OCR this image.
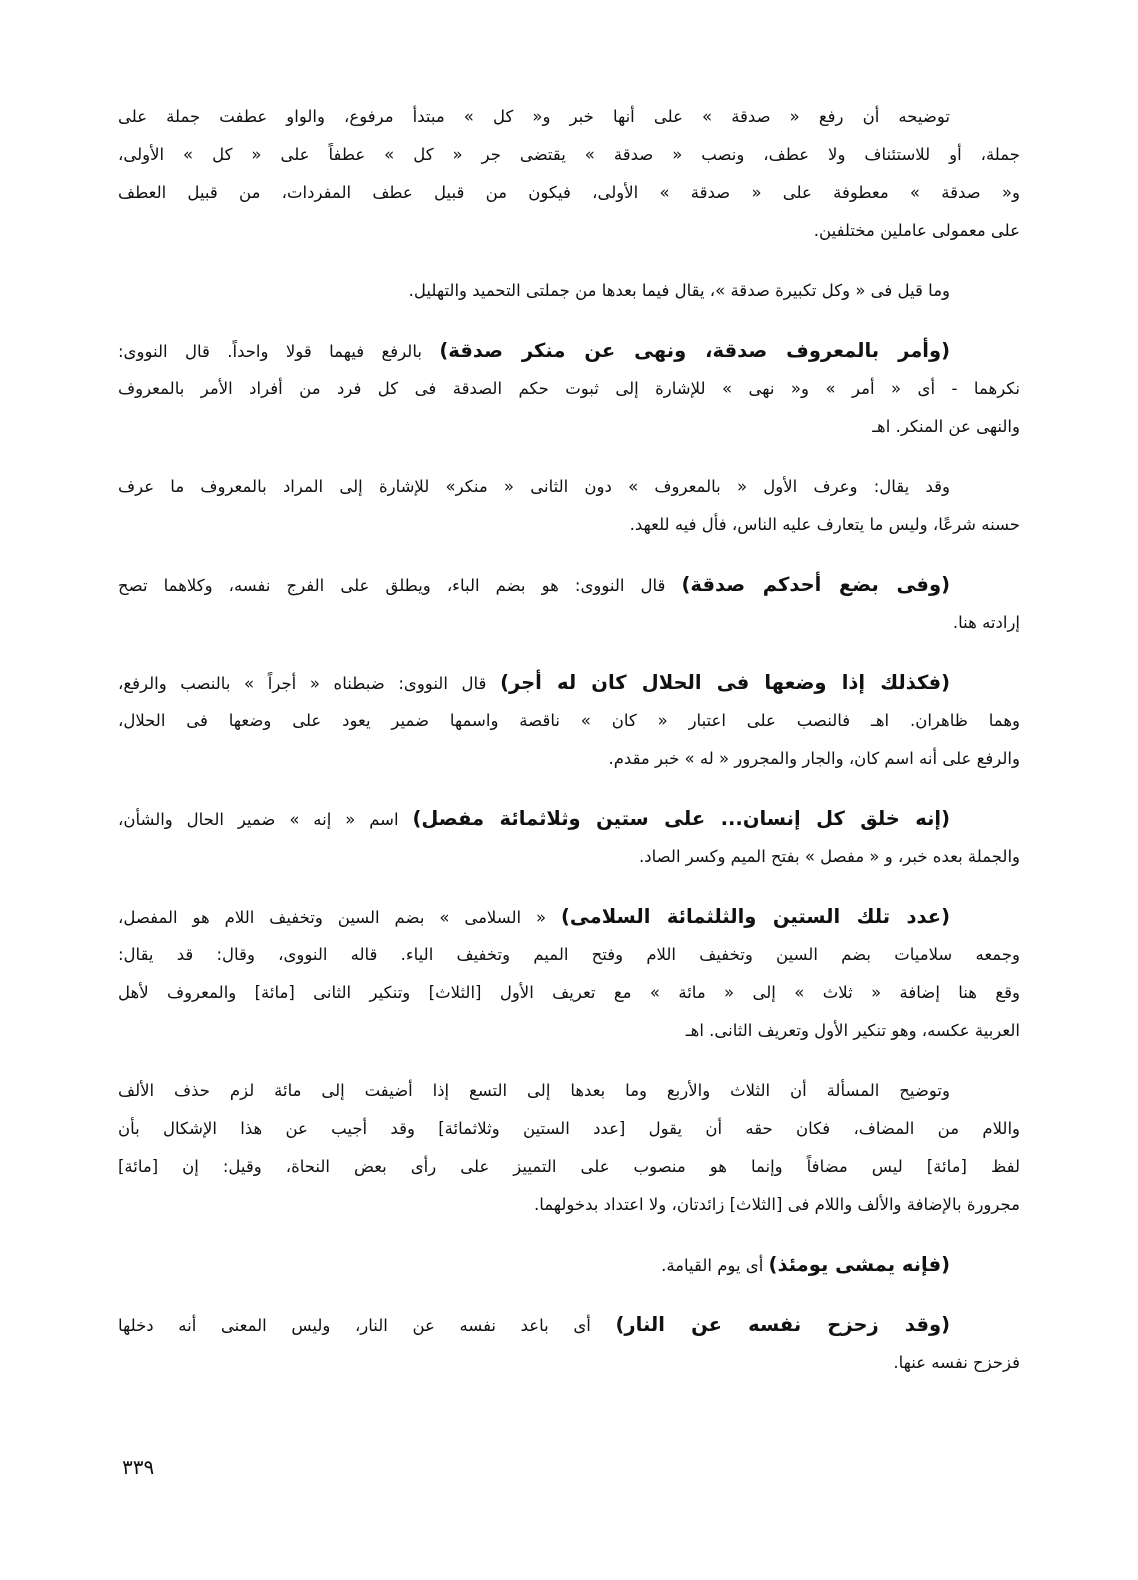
توضيحه أن رفع « صدقة » على أنها خبر و« كل » مبتدأ مرفوع، والواو عطفت جملة على
جملة، أو للاستئناف ولا عطف، ونصب « صدقة » يقتضى جر « كل » عطفاً على « كل » الأولى،
و« صدقة » معطوفة على « صدقة » الأولى، فيكون من قبيل عطف المفردات، من قبيل العطف
على معمولى عاملين مختلفين.
وما قيل فى « وكل تكبيرة صدقة »، يقال فيما بعدها من جملتى التحميد والتهليل.
(وأمر بالمعروف صدقة، ونهى عن منكر صدقة) بالرفع فيهما قولا واحداً. قال النووى:
نكرهما - أى « أمر » و« نهى » للإشارة إلى ثبوت حكم الصدقة فى كل فرد من أفراد الأمر بالمعروف
والنهى عن المنكر. اهـ
وقد يقال: وعرف الأول « بالمعروف » دون الثانى « منكر» للإشارة إلى المراد بالمعروف ما عرف
حسنه شرعًا، وليس ما يتعارف عليه الناس، فأل فيه للعهد.
(وفى بضع أحدكم صدقة) قال النووى: هو بضم الباء، ويطلق على الفرج نفسه، وكلاهما تصح
إرادته هنا.
(فكذلك إذا وضعها فى الحلال كان له أجر) قال النووى: ضبطناه « أجراً » بالنصب والرفع،
وهما ظاهران. اهـ فالنصب على اعتبار « كان » ناقصة واسمها ضمير يعود على وضعها فى الحلال،
والرفع على أنه اسم كان، والجار والمجرور « له » خبر مقدم.
(إنه خلق كل إنسان... على ستين وثلاثمائة مفصل) اسم « إنه » ضمير الحال والشأن،
والجملة بعده خبر، و « مفصل » بفتح الميم وكسر الصاد.
(عدد تلك الستين والثلثمائة السلامى) « السلامى » بضم السين وتخفيف اللام هو المفصل،
وجمعه سلاميات بضم السين وتخفيف اللام وفتح الميم وتخفيف الياء. قاله النووى، وقال: قد يقال:
وقع هنا إضافة « ثلاث » إلى « مائة » مع تعريف الأول [الثلاث] وتنكير الثانى [مائة] والمعروف لأهل
العربية عكسه، وهو تنكير الأول وتعريف الثانى. اهـ
وتوضيح المسألة أن الثلاث والأربع وما بعدها إلى التسع إذا أضيفت إلى مائة لزم حذف الألف
واللام من المضاف، فكان حقه أن يقول [عدد الستين وثلاثمائة] وقد أجيب عن هذا الإشكال بأن
لفظ [مائة] ليس مضافاً وإنما هو منصوب على التمييز على رأى بعض النحاة، وقيل: إن [مائة]
مجرورة بالإضافة والألف واللام فى [الثلاث] زائدتان، ولا اعتداد بدخولهما.
(فإنه يمشى يومئذ) أى يوم القيامة.
(وقد زحزح نفسه عن النار) أى باعد نفسه عن النار، وليس المعنى أنه دخلها
فزحزح نفسه عنها.
٣٣٩
